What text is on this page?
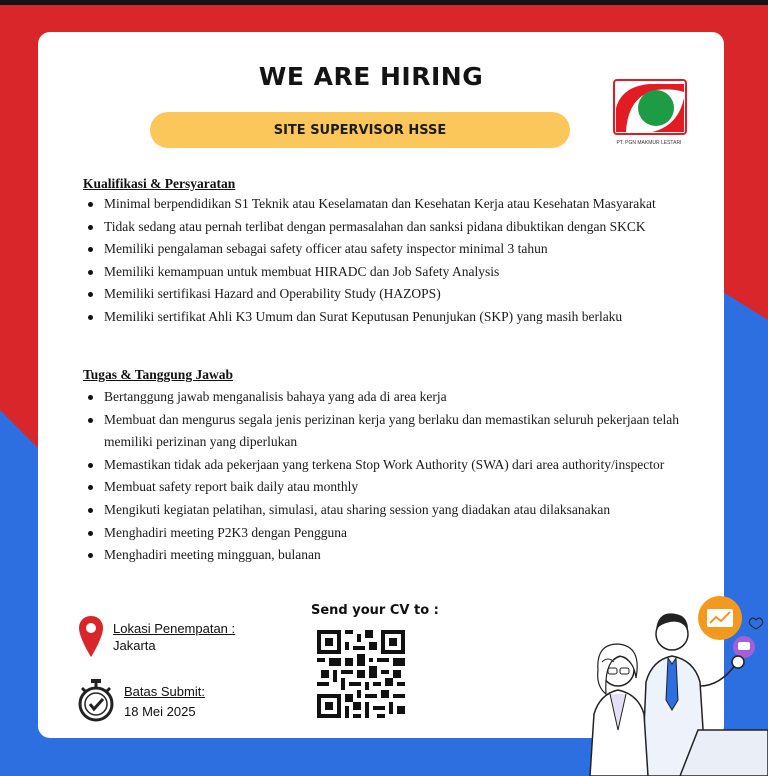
WE ARE HIRING
SITE SUPERVISOR HSSE
PT. PGN MAKMUR LESTARI
Kualifikasi & Persyaratan
Minimal berpendidikan S1 Teknik atau Keselamatan dan Kesehatan Kerja atau Kesehatan Masyarakat
Tidak sedang atau pernah terlibat dengan permasalahan dan sanksi pidana dibuktikan dengan SKCK
Memiliki pengalaman sebagai safety officer atau safety inspector minimal 3 tahun
Memiliki kemampuan untuk membuat HIRADC dan Job Safety Analysis
Memiliki sertifikasi Hazard and Operability Study (HAZOPS)
Memiliki sertifikat Ahli K3 Umum dan Surat Keputusan Penunjukan (SKP) yang masih berlaku
Tugas & Tanggung Jawab
Bertanggung jawab menganalisis bahaya yang ada di area kerja
Membuat dan mengurus segala jenis perizinan kerja yang berlaku dan memastikan seluruh pekerjaan telah memiliki perizinan yang diperlukan
Memastikan tidak ada pekerjaan yang terkena Stop Work Authority (SWA) dari area authority/inspector
Membuat safety report baik daily atau monthly
Mengikuti kegiatan pelatihan, simulasi, atau sharing session yang diadakan atau dilaksanakan
Menghadiri meeting P2K3 dengan Pengguna
Menghadiri meeting mingguan, bulanan
Lokasi Penempatan :
Jakarta
Batas Submit:
18 Mei 2025
Send your CV to :
